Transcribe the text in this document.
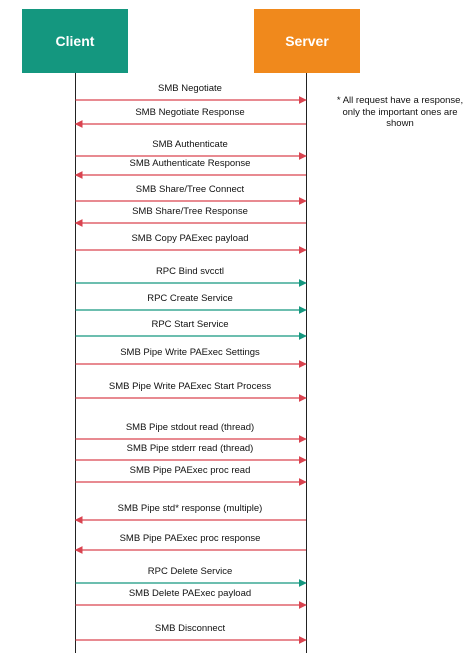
Client	Server
* All request have a response, only the important ones are shown
SMB Negotiate
SMB Negotiate Response
SMB Authenticate
SMB Authenticate Response
SMB Share/Tree Connect
SMB Share/Tree Response
SMB Copy PAExec payload
RPC Bind svcctl
RPC Create Service
RPC Start Service
SMB Pipe Write PAExec Settings
SMB Pipe Write PAExec Start Process
SMB Pipe stdout read (thread)
SMB Pipe stderr read (thread)
SMB Pipe PAExec proc read
SMB Pipe std* response (multiple)
SMB Pipe PAExec proc response
RPC Delete Service
SMB Delete PAExec payload
SMB Disconnect
